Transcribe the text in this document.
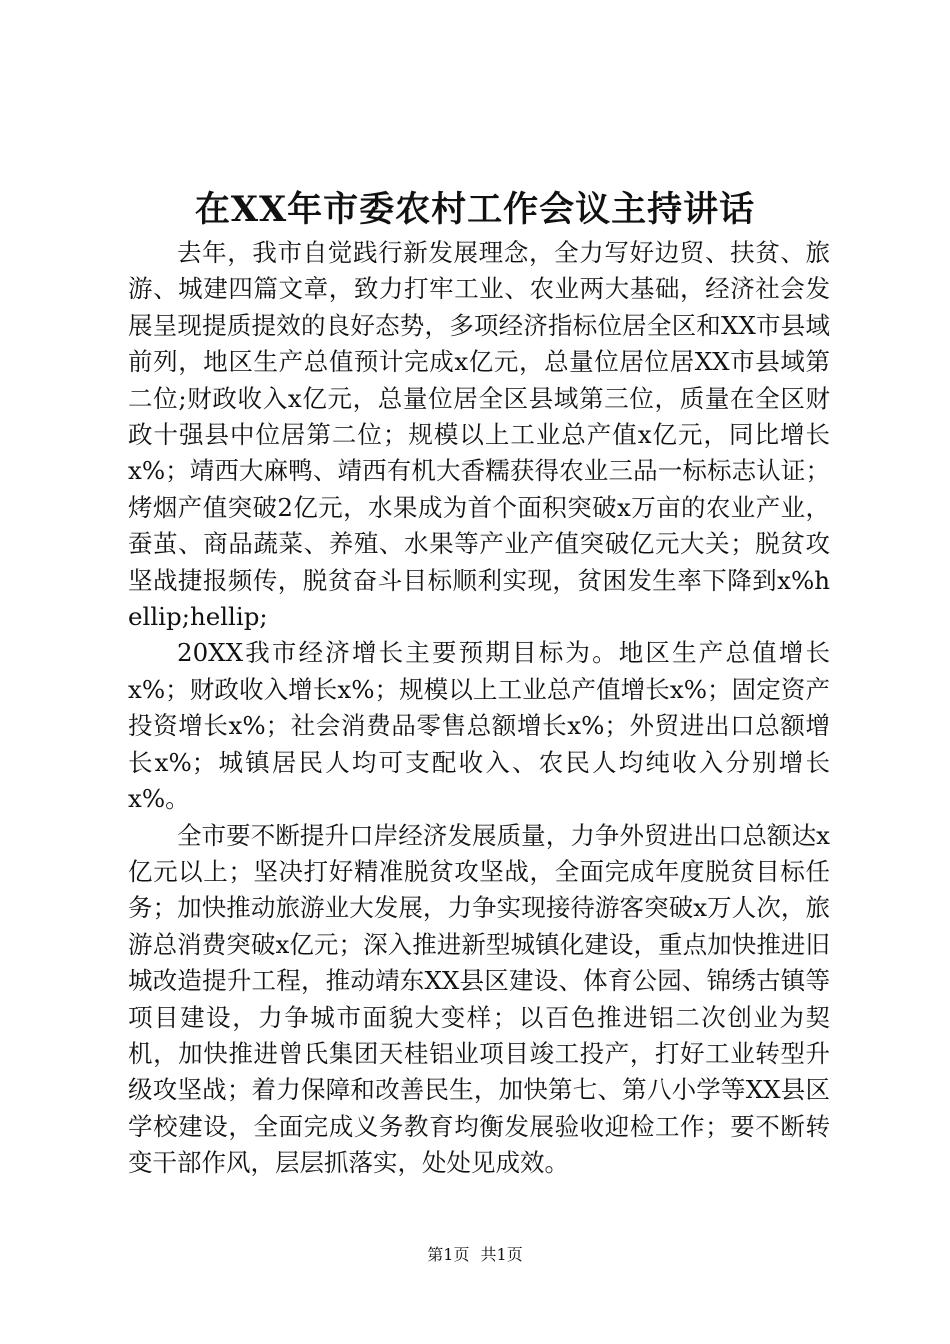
在XX年市委农村工作会议主持讲话

去年，我市自觉践行新发展理念，全力写好边贸、扶贫、旅游、城建四篇文章，致力打牢工业、农业两大基础，经济社会发展呈现提质提效的良好态势，多项经济指标位居全区和XX市县域前列，地区生产总值预计完成x亿元，总量位居位居XX市县域第二位;财政收入x亿元，总量位居全区县域第三位，质量在全区财政十强县中位居第二位；规模以上工业总产值x亿元，同比增长x%；靖西大麻鸭、靖西有机大香糯获得农业三品一标标志认证；烤烟产值突破2亿元，水果成为首个面积突破x万亩的农业产业，蚕茧、商品蔬菜、养殖、水果等产业产值突破亿元大关；脱贫攻坚战捷报频传，脱贫奋斗目标顺利实现，贫困发生率下降到x%hellip;hellip;

20XX我市经济增长主要预期目标为。地区生产总值增长x%；财政收入增长x%；规模以上工业总产值增长x%；固定资产投资增长x%；社会消费品零售总额增长x%；外贸进出口总额增长x%；城镇居民人均可支配收入、农民人均纯收入分别增长x%。

全市要不断提升口岸经济发展质量，力争外贸进出口总额达x亿元以上；坚决打好精准脱贫攻坚战，全面完成年度脱贫目标任务；加快推动旅游业大发展，力争实现接待游客突破x万人次，旅游总消费突破x亿元；深入推进新型城镇化建设，重点加快推进旧城改造提升工程，推动靖东XX县区建设、体育公园、锦绣古镇等项目建设，力争城市面貌大变样；以百色推进铝二次创业为契机，加快推进曾氏集团天桂铝业项目竣工投产，打好工业转型升级攻坚战；着力保障和改善民生，加快第七、第八小学等XX县区学校建设，全面完成义务教育均衡发展验收迎检工作；要不断转变干部作风，层层抓落实，处处见成效。

第1页 共1页
